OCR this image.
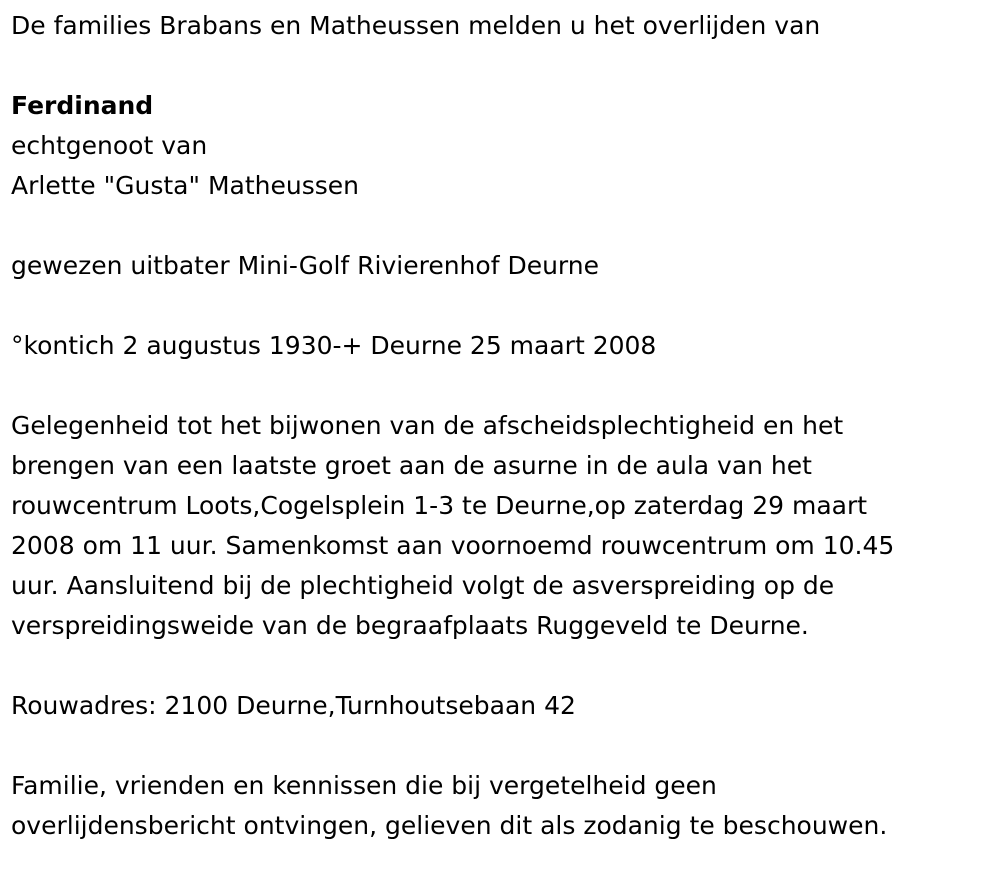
De families Brabans en Matheussen melden u het overlijden van
Ferdinand
echtgenoot van
Arlette "Gusta" Matheussen
gewezen uitbater Mini-Golf Rivierenhof Deurne
°kontich 2 augustus 1930-+ Deurne 25 maart 2008
Gelegenheid tot het bijwonen van de afscheidsplechtigheid en het
brengen van een laatste groet aan de asurne in de aula van het
rouwcentrum Loots,Cogelsplein 1-3 te Deurne,op zaterdag 29 maart
2008 om 11 uur. Samenkomst aan voornoemd rouwcentrum om 10.45
uur. Aansluitend bij de plechtigheid volgt de asverspreiding op de
verspreidingsweide van de begraafplaats Ruggeveld te Deurne.
Rouwadres: 2100 Deurne,Turnhoutsebaan 42
Familie, vrienden en kennissen die bij vergetelheid geen
overlijdensbericht ontvingen, gelieven dit als zodanig te beschouwen.
